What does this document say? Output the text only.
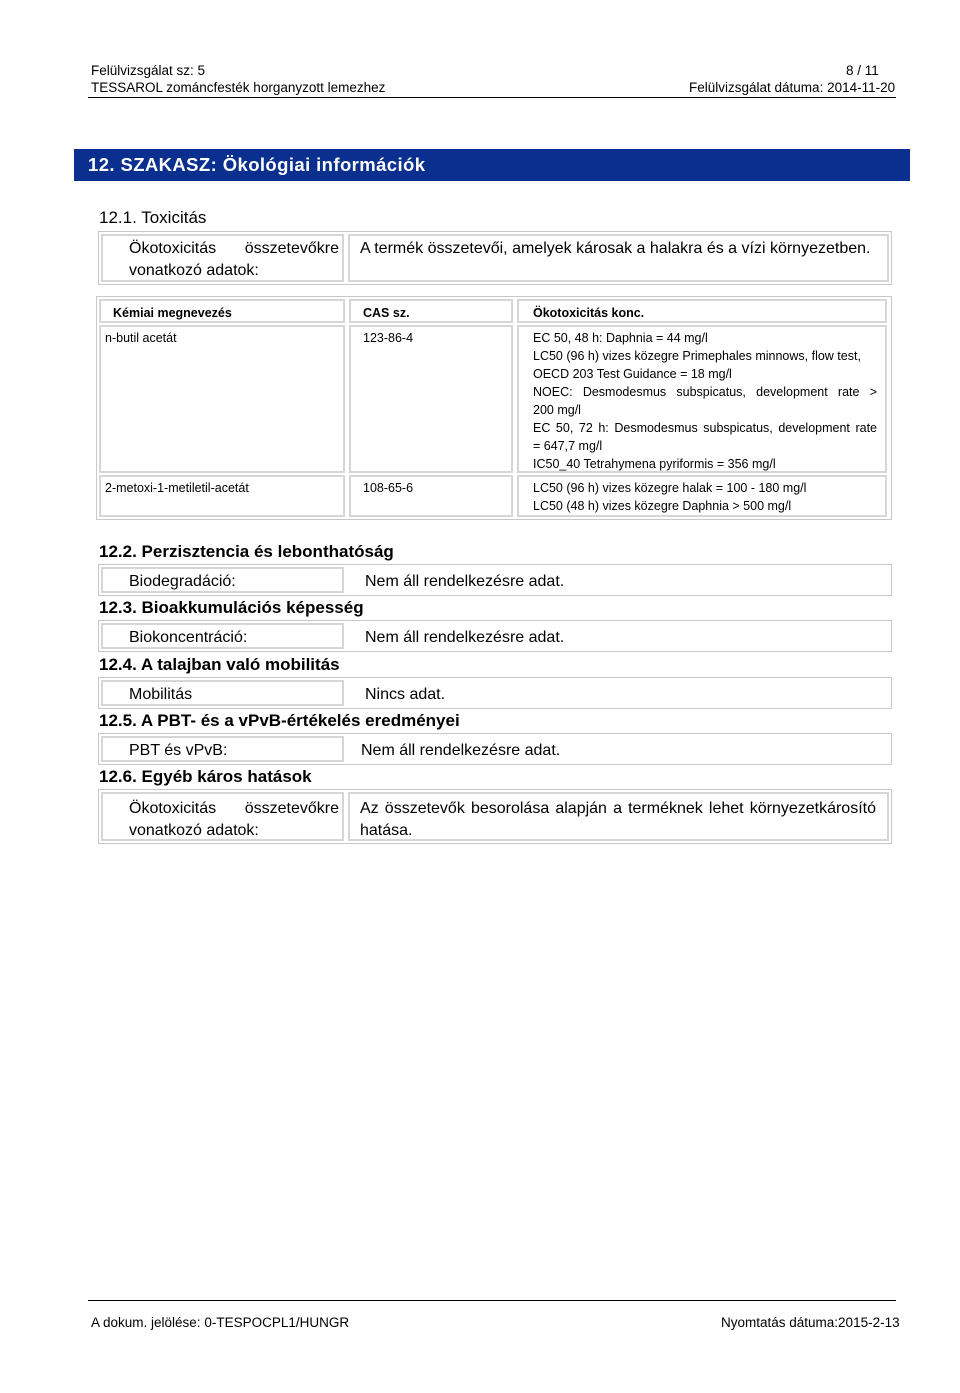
Felülvizsgálat sz: 5	8 / 11
TESSAROL zománcfesték horganyzott lemezhez	Felülvizsgálat dátuma: 2014-11-20
12. SZAKASZ: Ökológiai információk
12.1. Toxicitás
Ökotoxicitás összetevőkre
vonatkozó adatok:
A termék összetevői, amelyek károsak a halakra és a vízi környezetben.
Kémiai megnevezés	CAS sz.	Ökotoxicitás konc.
n-butil acetát	123-86-4	EC 50, 48 h: Daphnia = 44 mg/l
LC50 (96 h) vizes közegre Primephales minnows, flow test,
OECD 203 Test Guidance = 18 mg/l
NOEC: Desmodesmus subspicatus, development rate >
200 mg/l
EC 50, 72 h: Desmodesmus subspicatus, development rate
= 647,7 mg/l
IC50_40 Tetrahymena pyriformis = 356 mg/l
2-metoxi-1-metiletil-acetát	108-65-6	LC50 (96 h) vizes közegre halak = 100 - 180 mg/l
LC50 (48 h) vizes közegre Daphnia > 500 mg/l
12.2. Perzisztencia és lebonthatóság
Biodegradáció:	Nem áll rendelkezésre adat.
12.3. Bioakkumulációs képesség
Biokoncentráció:	Nem áll rendelkezésre adat.
12.4. A talajban való mobilitás
Mobilitás	Nincs adat.
12.5. A PBT- és a vPvB-értékelés eredményei
PBT és vPvB:	Nem áll rendelkezésre adat.
12.6. Egyéb káros hatások
Ökotoxicitás összetevőkre
vonatkozó adatok:
Az összetevők besorolása alapján a terméknek lehet környezetkárosító
hatása.
A dokum. jelölése: 0-TESPOCPL1/HUNGR	Nyomtatás dátuma:2015-2-13
